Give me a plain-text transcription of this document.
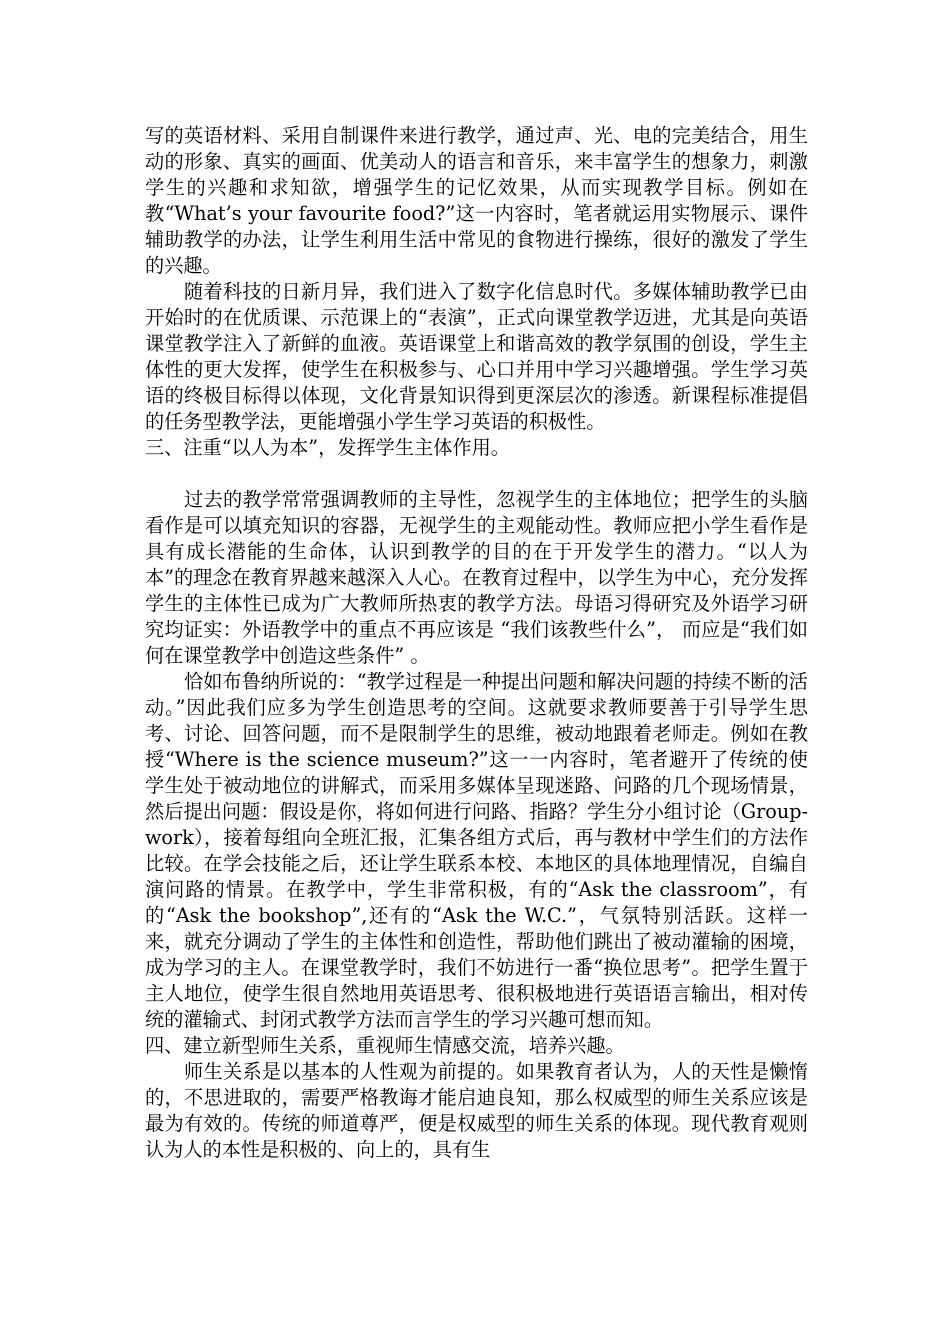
写的英语材料、采用自制课件来进行教学，通过声、光、电的完美结合，用生动的形象、真实的画面、优美动人的语言和音乐，来丰富学生的想象力，刺激学生的兴趣和求知欲，增强学生的记忆效果，从而实现教学目标。例如在教“What’s your favourite food?”这一内容时，笔者就运用实物展示、课件辅助教学的办法，让学生利用生活中常见的食物进行操练，很好的激发了学生的兴趣。

随着科技的日新月异，我们进入了数字化信息时代。多媒体辅助教学已由开始时的在优质课、示范课上的“表演”，正式向课堂教学迈进，尤其是向英语课堂教学注入了新鲜的血液。英语课堂上和谐高效的教学氛围的创设，学生主体性的更大发挥，使学生在积极参与、心口并用中学习兴趣增强。学生学习英语的终极目标得以体现，文化背景知识得到更深层次的渗透。新课程标准提倡的任务型教学法，更能增强小学生学习英语的积极性。

三、注重“以人为本”，发挥学生主体作用。

过去的教学常常强调教师的主导性，忽视学生的主体地位；把学生的头脑看作是可以填充知识的容器，无视学生的主观能动性。教师应把小学生看作是具有成长潜能的生命体，认识到教学的目的在于开发学生的潜力。“以人为本”的理念在教育界越来越深入人心。在教育过程中，以学生为中心，充分发挥学生的主体性已成为广大教师所热衷的教学方法。母语习得研究及外语学习研究均证实：外语教学中的重点不再应该是 “我们该教些什么”， 而应是“我们如何在课堂教学中创造这些条件” 。

恰如布鲁纳所说的：“教学过程是一种提出问题和解决问题的持续不断的活动。”因此我们应多为学生创造思考的空间。这就要求教师要善于引导学生思考、讨论、回答问题，而不是限制学生的思维，被动地跟着老师走。例如在教授“Where is the science museum?”这一一内容时，笔者避开了传统的使学生处于被动地位的讲解式，而采用多媒体呈现迷路、问路的几个现场情景，然后提出问题：假设是你，将如何进行问路、指路？学生分小组讨论（Group-work），接着每组向全班汇报，汇集各组方式后，再与教材中学生们的方法作比较。在学会技能之后，还让学生联系本校、本地区的具体地理情况，自编自演问路的情景。在教学中，学生非常积极，有的“Ask the classroom”，有的“Ask the bookshop”,还有的“Ask the W.C.”，气氛特别活跃。这样一来，就充分调动了学生的主体性和创造性，帮助他们跳出了被动灌输的困境， 成为学习的主人。在课堂教学时，我们不妨进行一番“换位思考”。把学生置于主人地位，使学生很自然地用英语思考、很积极地进行英语语言输出，相对传统的灌输式、封闭式教学方法而言学生的学习兴趣可想而知。

四、建立新型师生关系，重视师生情感交流，培养兴趣。

师生关系是以基本的人性观为前提的。如果教育者认为，人的天性是懒惰的，不思进取的，需要严格教诲才能启迪良知，那么权威型的师生关系应该是最为有效的。传统的师道尊严，便是权威型的师生关系的体现。现代教育观则认为人的本性是积极的、向上的，具有生
